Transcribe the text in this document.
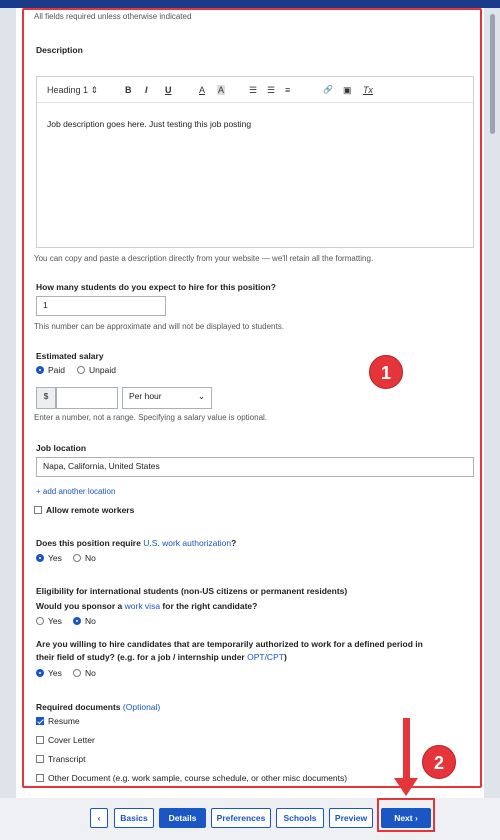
All fields required unless otherwise indicated
Description
Heading 1 ⇕	B I U	A A	☰ ☰ ≡	🔗 ▣ Tx
Job description goes here. Just testing this job posting
You can copy and paste a description directly from your website — we'll retain all the formatting.
How many students do you expect to hire for this position?
1
This number can be approximate and will not be displayed to students.
Estimated salary
Paid	Unpaid
$	Per hour	⌄
Enter a number, not a range. Specifying a salary value is optional.
Job location
Napa, California, United States
+ add another location
Allow remote workers
Does this position require U.S. work authorization?
Yes	No
Eligibility for international students (non-US citizens or permanent residents)
Would you sponsor a work visa for the right candidate?
Yes	No
Are you willing to hire candidates that are temporarily authorized to work for a defined period in
their field of study? (e.g. for a job / internship under OPT/CPT)
Yes	No
Required documents (Optional)
Resume
Cover Letter
Transcript
Other Document (e.g. work sample, course schedule, or other misc documents)
‹	Basics	Details	Preferences	Schools	Preview	Next ›
1
2
